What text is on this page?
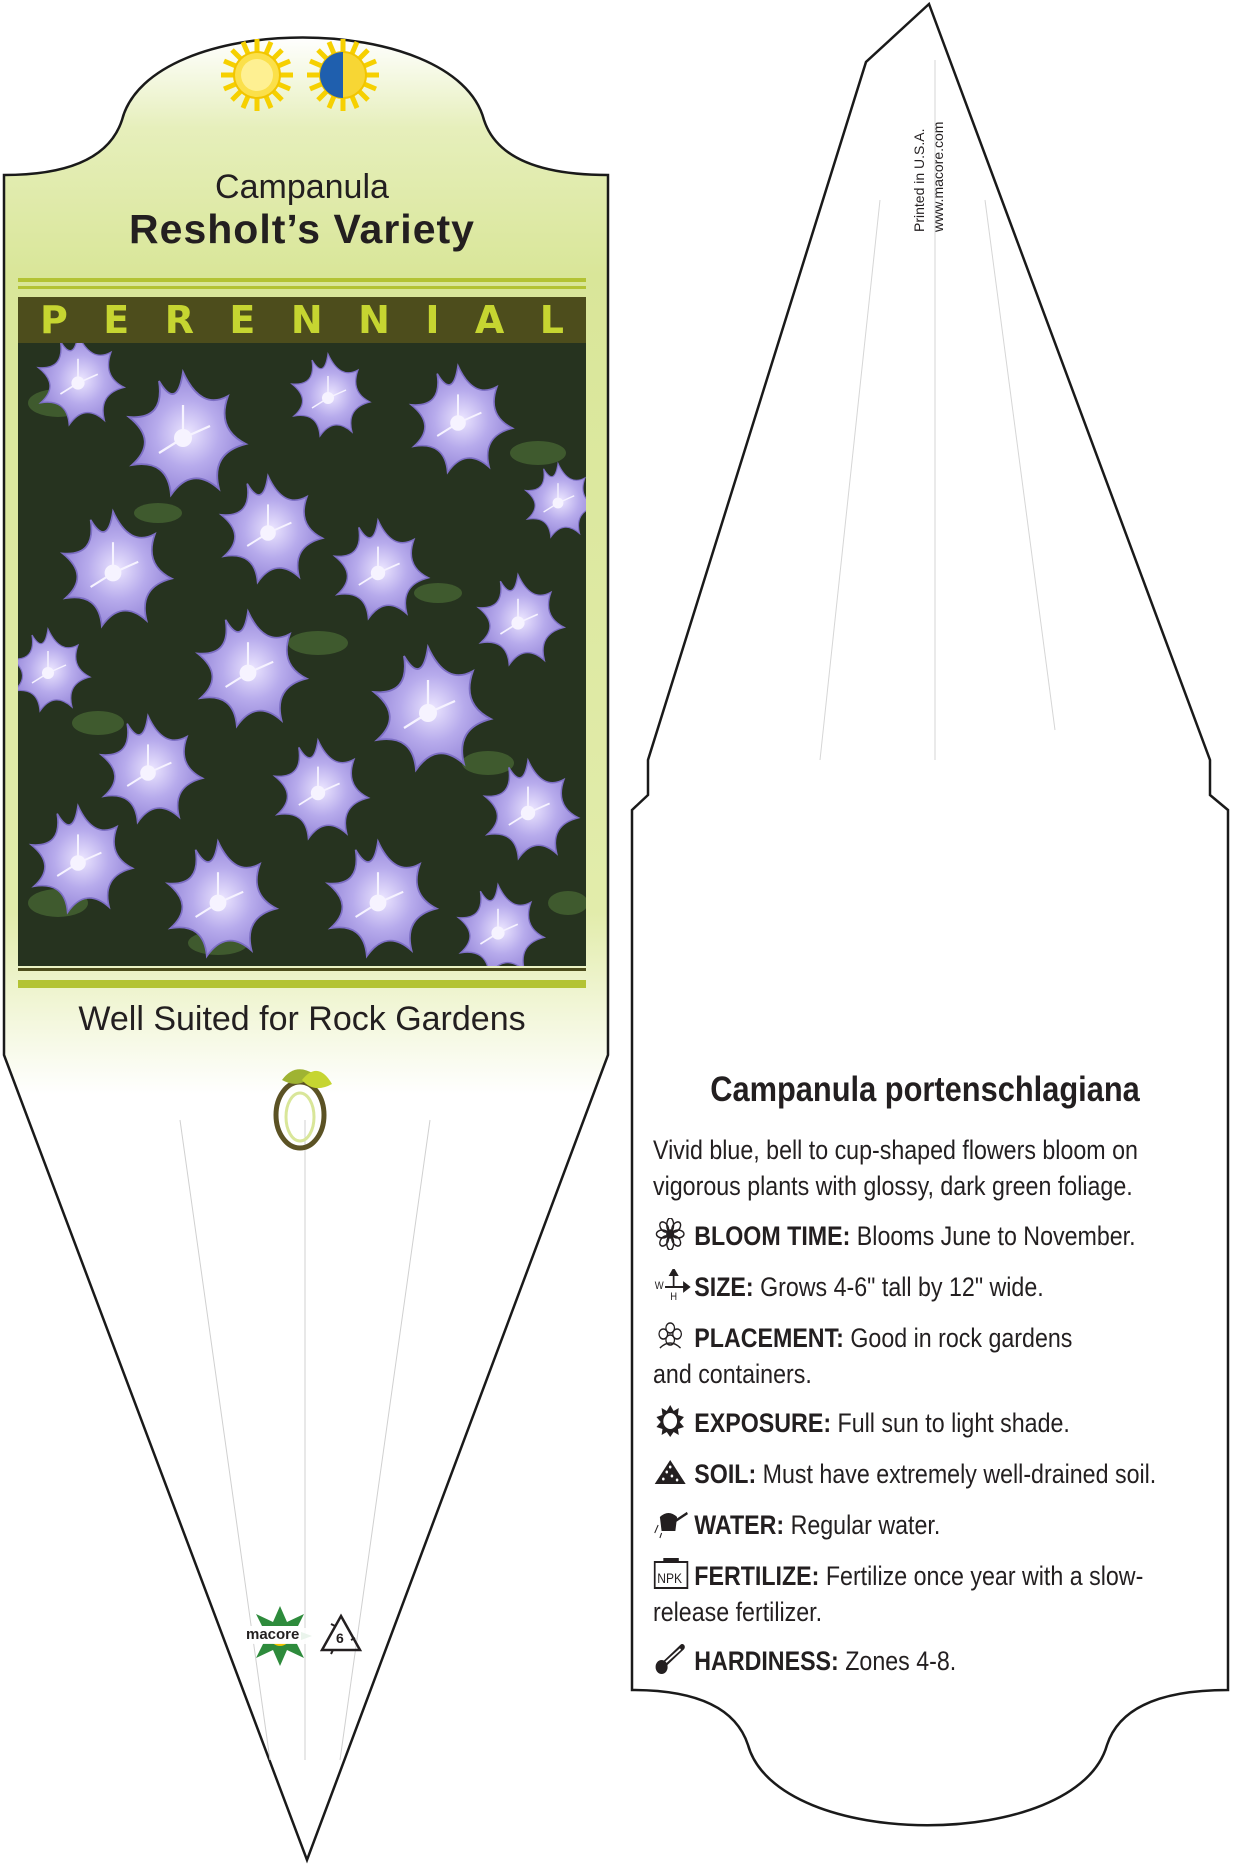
Campanula
Resholt’s Variety
P E R E N N I A L
Well Suited for Rock Gardens
macore	6
Printed in U.S.A. www.macore.com
Campanula portenschlagiana
Vivid blue, bell to cup-shaped flowers bloom on vigorous plants with glossy, dark green foliage.
BLOOM TIME: Blooms June to November.
W
H SIZE: Grows 4-6" tall by 12" wide.
PLACEMENT: Good in rock gardens and containers.
EXPOSURE: Full sun to light shade.
SOIL: Must have extremely well-drained soil.
WATER: Regular water.
NPK FERTILIZE: Fertilize once year with a slow-release fertilizer.
HARDINESS: Zones 4-8.
